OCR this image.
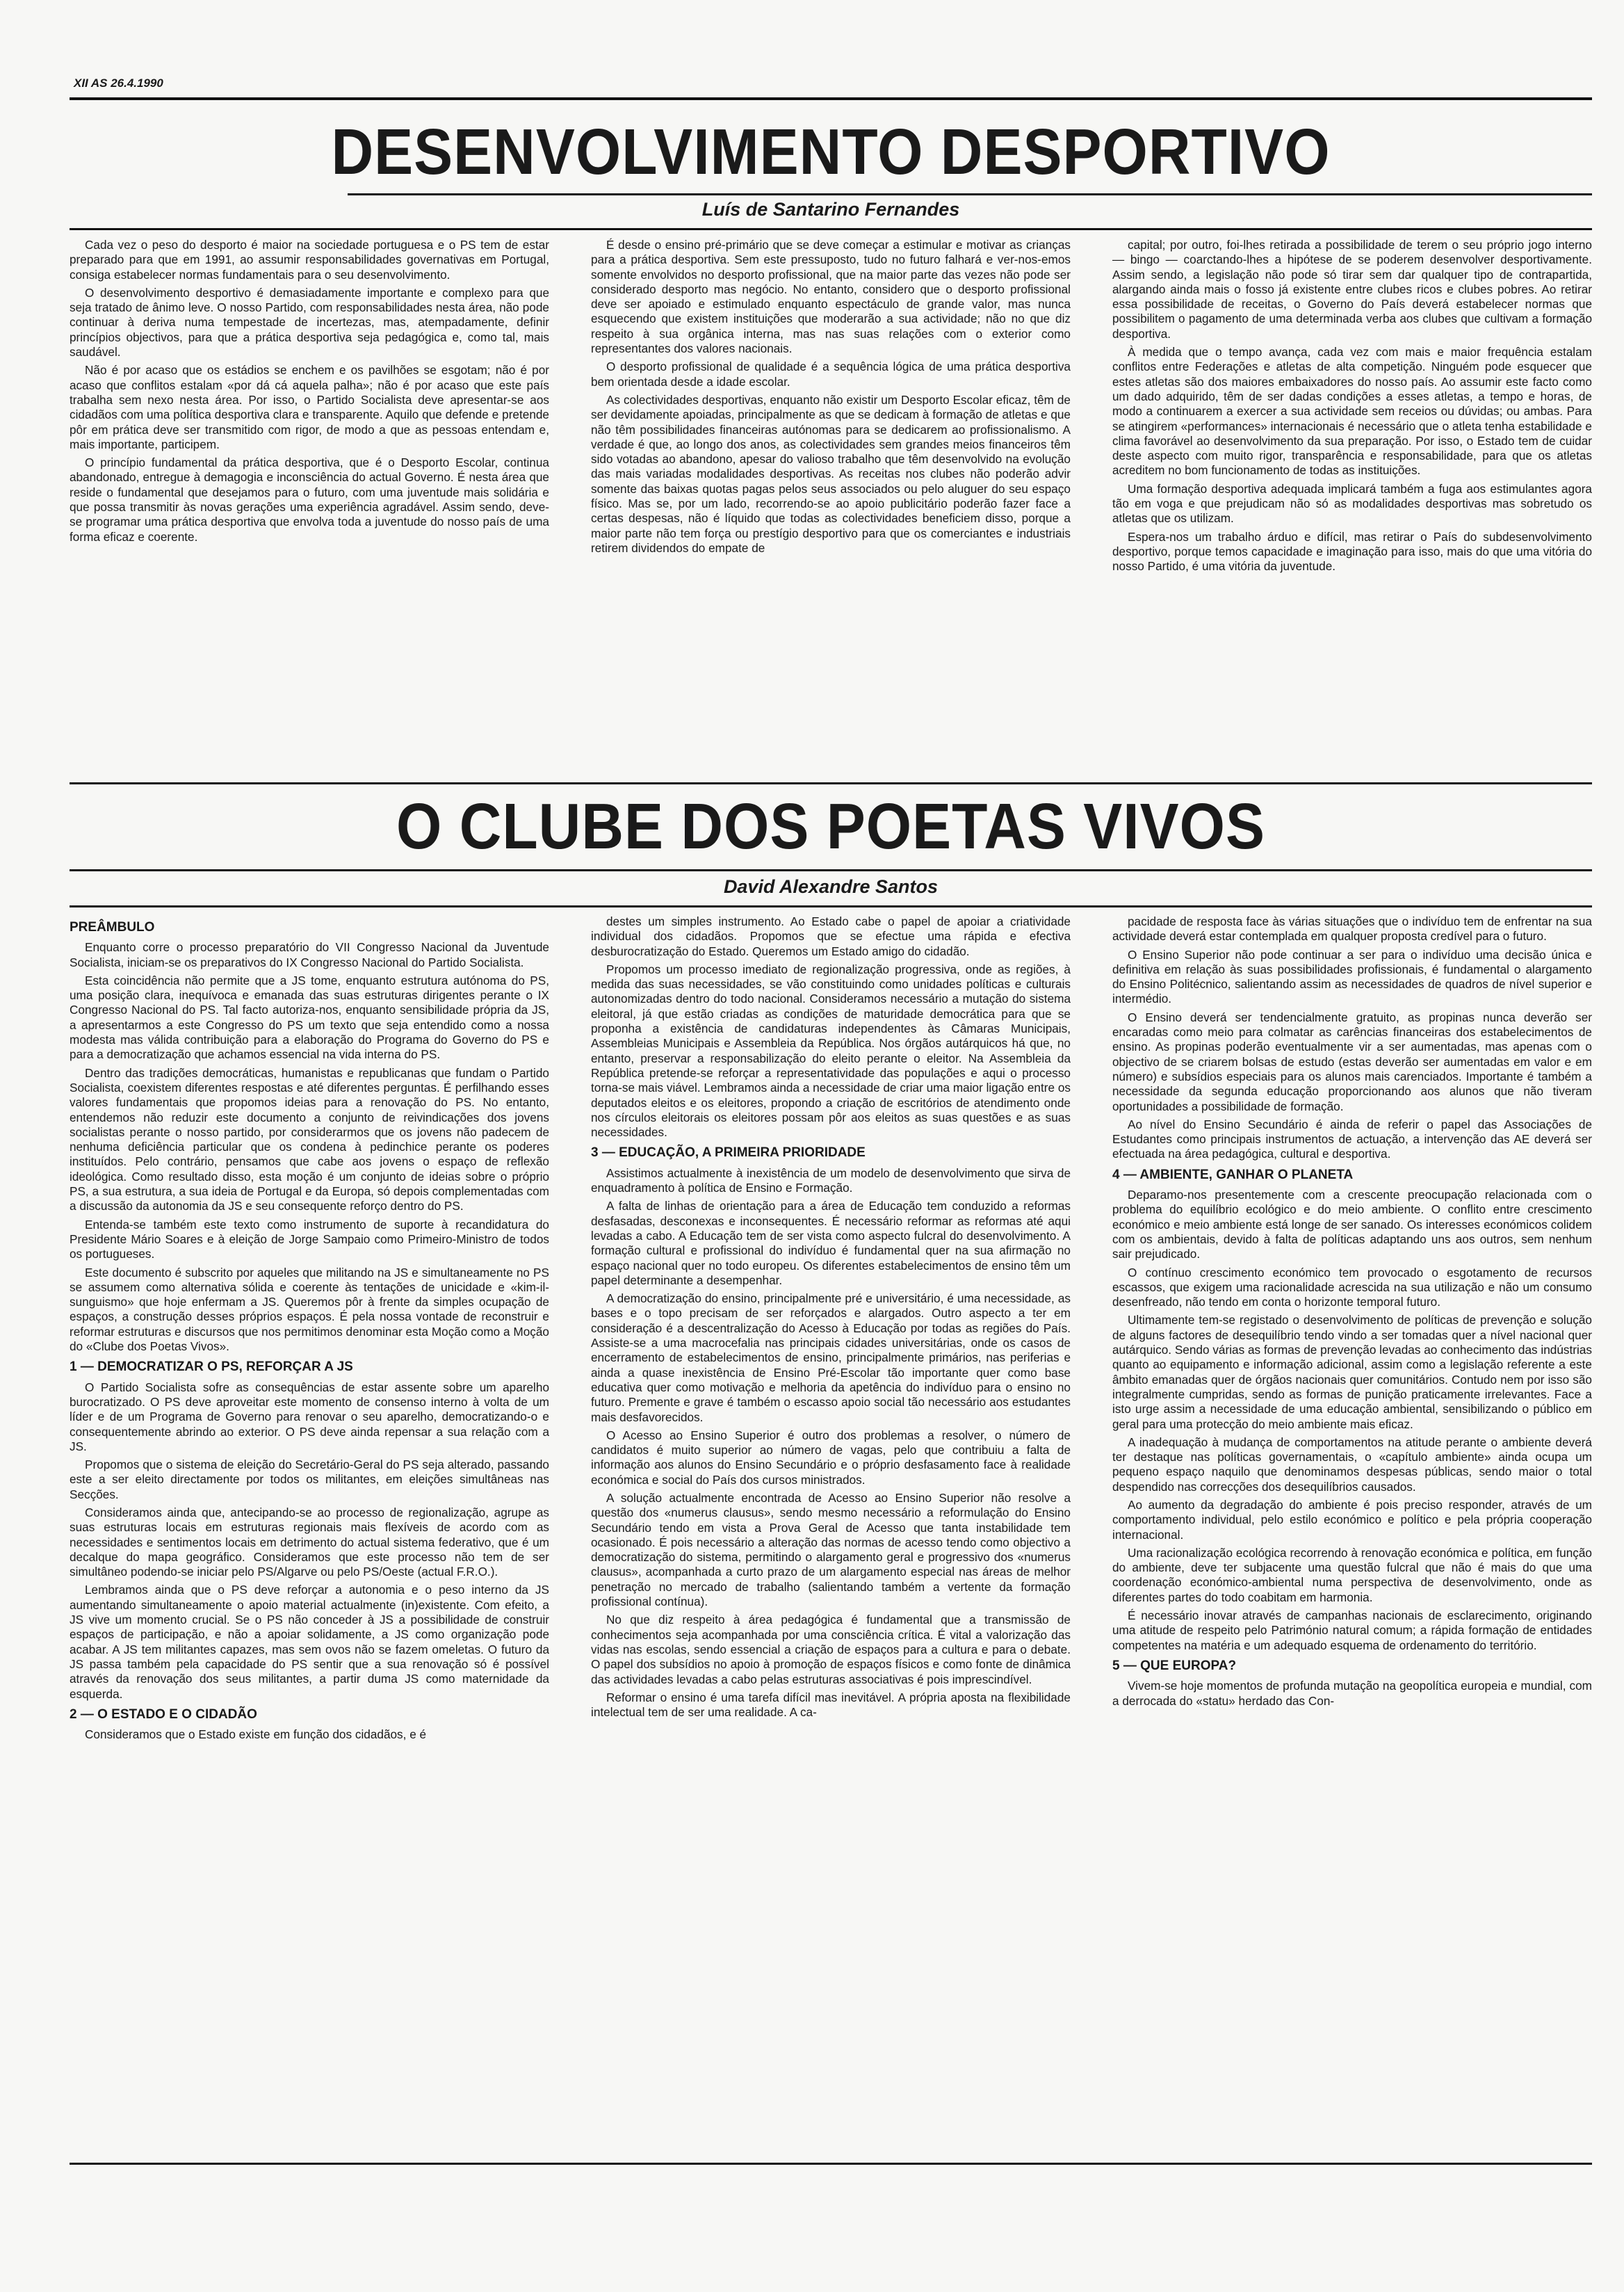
XII AS 26.4.1990
DESENVOLVIMENTO DESPORTIVO
Luís de Santarino Fernandes

Cada vez o peso do desporto é maior na sociedade portuguesa e o PS tem de estar preparado para que em 1991, ao assumir responsabilidades governativas em Portugal, consiga estabelecer normas fundamentais para o seu desenvolvimento.

O desenvolvimento desportivo é demasiadamente importante e complexo para que seja tratado de ânimo leve. O nosso Partido, com responsabilidades nesta área, não pode continuar à deriva numa tempestade de incertezas, mas, atempadamente, definir princípios objectivos, para que a prática desportiva seja pedagógica e, como tal, mais saudável.

Não é por acaso que os estádios se enchem e os pavilhões se esgotam; não é por acaso que conflitos estalam «por dá cá aquela palha»; não é por acaso que este país trabalha sem nexo nesta área. Por isso, o Partido Socialista deve apresentar-se aos cidadãos com uma política desportiva clara e transparente. Aquilo que defende e pretende pôr em prática deve ser transmitido com rigor, de modo a que as pessoas entendam e, mais importante, participem.

O princípio fundamental da prática desportiva, que é o Desporto Escolar, continua abandonado, entregue à demagogia e inconsciência do actual Governo. É nesta área que reside o fundamental que desejamos para o futuro, com uma juventude mais solidária e que possa transmitir às novas gerações uma experiência agradável. Assim sendo, deve-se programar uma prática desportiva que envolva toda a juventude do nosso país de uma forma eficaz e coerente.

É desde o ensino pré-primário que se deve começar a estimular e motivar as crianças para a prática desportiva. Sem este pressuposto, tudo no futuro falhará e ver-nos-emos somente envolvidos no desporto profissional, que na maior parte das vezes não pode ser considerado desporto mas negócio. No entanto, considero que o desporto profissional deve ser apoiado e estimulado enquanto espectáculo de grande valor, mas nunca esquecendo que existem instituições que moderarão a sua actividade; não no que diz respeito à sua orgânica interna, mas nas suas relações com o exterior como representantes dos valores nacionais.

O desporto profissional de qualidade é a sequência lógica de uma prática desportiva bem orientada desde a idade escolar.

As colectividades desportivas, enquanto não existir um Desporto Escolar eficaz, têm de ser devidamente apoiadas, principalmente as que se dedicam à formação de atletas e que não têm possibilidades financeiras autónomas para se dedicarem ao profissionalismo. A verdade é que, ao longo dos anos, as colectividades sem grandes meios financeiros têm sido votadas ao abandono, apesar do valioso trabalho que têm desenvolvido na evolução das mais variadas modalidades desportivas. As receitas nos clubes não poderão advir somente das baixas quotas pagas pelos seus associados ou pelo aluguer do seu espaço físico. Mas se, por um lado, recorrendo-se ao apoio publicitário poderão fazer face a certas despesas, não é líquido que todas as colectividades beneficiem disso, porque a maior parte não tem força ou prestígio desportivo para que os comerciantes e industriais retirem dividendos do empate de

capital; por outro, foi-lhes retirada a possibilidade de terem o seu próprio jogo interno — bingo — coarctando-lhes a hipótese de se poderem desenvolver desportivamente. Assim sendo, a legislação não pode só tirar sem dar qualquer tipo de contrapartida, alargando ainda mais o fosso já existente entre clubes ricos e clubes pobres. Ao retirar essa possibilidade de receitas, o Governo do País deverá estabelecer normas que possibilitem o pagamento de uma determinada verba aos clubes que cultivam a formação desportiva.

À medida que o tempo avança, cada vez com mais e maior frequência estalam conflitos entre Federações e atletas de alta competição. Ninguém pode esquecer que estes atletas são dos maiores embaixadores do nosso país. Ao assumir este facto como um dado adquirido, têm de ser dadas condições a esses atletas, a tempo e horas, de modo a continuarem a exercer a sua actividade sem receios ou dúvidas; ou ambas. Para se atingirem «performances» internacionais é necessário que o atleta tenha estabilidade e clima favorável ao desenvolvimento da sua preparação. Por isso, o Estado tem de cuidar deste aspecto com muito rigor, transparência e responsabilidade, para que os atletas acreditem no bom funcionamento de todas as instituições.

Uma formação desportiva adequada implicará também a fuga aos estimulantes agora tão em voga e que prejudicam não só as modalidades desportivas mas sobretudo os atletas que os utilizam.

Espera-nos um trabalho árduo e difícil, mas retirar o País do subdesenvolvimento desportivo, porque temos capacidade e imaginação para isso, mais do que uma vitória do nosso Partido, é uma vitória da juventude.

O CLUBE DOS POETAS VIVOS
David Alexandre Santos
PREÂMBULO

Enquanto corre o processo preparatório do VII Congresso Nacional da Juventude Socialista, iniciam-se os preparativos do IX Congresso Nacional do Partido Socialista.

Esta coincidência não permite que a JS tome, enquanto estrutura autónoma do PS, uma posição clara, inequívoca e emanada das suas estruturas dirigentes perante o IX Congresso Nacional do PS. Tal facto autoriza-nos, enquanto sensibilidade própria da JS, a apresentarmos a este Congresso do PS um texto que seja entendido como a nossa modesta mas válida contribuição para a elaboração do Programa do Governo do PS e para a democratização que achamos essencial na vida interna do PS.

Dentro das tradições democráticas, humanistas e republicanas que fundam o Partido Socialista, coexistem diferentes respostas e até diferentes perguntas. É perfilhando esses valores fundamentais que propomos ideias para a renovação do PS. No entanto, entendemos não reduzir este documento a conjunto de reivindicações dos jovens socialistas perante o nosso partido, por considerarmos que os jovens não padecem de nenhuma deficiência particular que os condena à pedinchice perante os poderes instituídos. Pelo contrário, pensamos que cabe aos jovens o espaço de reflexão ideológica. Como resultado disso, esta moção é um conjunto de ideias sobre o próprio PS, a sua estrutura, a sua ideia de Portugal e da Europa, só depois complementadas com a discussão da autonomia da JS e seu consequente reforço dentro do PS.

Entenda-se também este texto como instrumento de suporte à recandidatura do Presidente Mário Soares e à eleição de Jorge Sampaio como Primeiro-Ministro de todos os portugueses.

Este documento é subscrito por aqueles que militando na JS e simultaneamente no PS se assumem como alternativa sólida e coerente às tentações de unicidade e «kim-il-sunguismo» que hoje enfermam a JS. Queremos pôr à frente da simples ocupação de espaços, a construção desses próprios espaços. É pela nossa vontade de reconstruir e reformar estruturas e discursos que nos permitimos denominar esta Moção como a Moção do «Clube dos Poetas Vivos».

1 — DEMOCRATIZAR O PS, REFORÇAR A JS

O Partido Socialista sofre as consequências de estar assente sobre um aparelho burocratizado. O PS deve aproveitar este momento de consenso interno à volta de um líder e de um Programa de Governo para renovar o seu aparelho, democratizando-o e consequentemente abrindo ao exterior. O PS deve ainda repensar a sua relação com a JS.

Propomos que o sistema de eleição do Secretário-Geral do PS seja alterado, passando este a ser eleito directamente por todos os militantes, em eleições simultâneas nas Secções.

Consideramos ainda que, antecipando-se ao processo de regionalização, agrupe as suas estruturas locais em estruturas regionais mais flexíveis de acordo com as necessidades e sentimentos locais em detrimento do actual sistema federativo, que é um decalque do mapa geográfico. Consideramos que este processo não tem de ser simultâneo podendo-se iniciar pelo PS/Algarve ou pelo PS/Oeste (actual F.R.O.).

Lembramos ainda que o PS deve reforçar a autonomia e o peso interno da JS aumentando simultaneamente o apoio material actualmente (in)existente. Com efeito, a JS vive um momento crucial. Se o PS não conceder à JS a possibilidade de construir espaços de participação, e não a apoiar solidamente, a JS como organização pode acabar. A JS tem militantes capazes, mas sem ovos não se fazem omeletas. O futuro da JS passa também pela capacidade do PS sentir que a sua renovação só é possível através da renovação dos seus militantes, a partir duma JS como maternidade da esquerda.

2 — O ESTADO E O CIDADÃO

Consideramos que o Estado existe em função dos cidadãos, e é

destes um simples instrumento. Ao Estado cabe o papel de apoiar a criatividade individual dos cidadãos. Propomos que se efectue uma rápida e efectiva desburocratização do Estado. Queremos um Estado amigo do cidadão.

Propomos um processo imediato de regionalização progressiva, onde as regiões, à medida das suas necessidades, se vão constituindo como unidades políticas e culturais autonomizadas dentro do todo nacional. Consideramos necessário a mutação do sistema eleitoral, já que estão criadas as condições de maturidade democrática para que se proponha a existência de candidaturas independentes às Câmaras Municipais, Assembleias Municipais e Assembleia da República. Nos órgãos autárquicos há que, no entanto, preservar a responsabilização do eleito perante o eleitor. Na Assembleia da República pretende-se reforçar a representatividade das populações e aqui o processo torna-se mais viável. Lembramos ainda a necessidade de criar uma maior ligação entre os deputados eleitos e os eleitores, propondo a criação de escritórios de atendimento onde nos círculos eleitorais os eleitores possam pôr aos eleitos as suas questões e as suas necessidades.

3 — EDUCAÇÃO, A PRIMEIRA PRIORIDADE

Assistimos actualmente à inexistência de um modelo de desenvolvimento que sirva de enquadramento à política de Ensino e Formação.

A falta de linhas de orientação para a área de Educação tem conduzido a reformas desfasadas, desconexas e inconsequentes. É necessário reformar as reformas até aqui levadas a cabo. A Educação tem de ser vista como aspecto fulcral do desenvolvimento. A formação cultural e profissional do indivíduo é fundamental quer na sua afirmação no espaço nacional quer no todo europeu. Os diferentes estabelecimentos de ensino têm um papel determinante a desempenhar.

A democratização do ensino, principalmente pré e universitário, é uma necessidade, as bases e o topo precisam de ser reforçados e alargados. Outro aspecto a ter em consideração é a descentralização do Acesso à Educação por todas as regiões do País. Assiste-se a uma macrocefalia nas principais cidades universitárias, onde os casos de encerramento de estabelecimentos de ensino, principalmente primários, nas periferias e ainda a quase inexistência de Ensino Pré-Escolar tão importante quer como base educativa quer como motivação e melhoria da apetência do indivíduo para o ensino no futuro. Premente e grave é também o escasso apoio social tão necessário aos estudantes mais desfavorecidos.

O Acesso ao Ensino Superior é outro dos problemas a resolver, o número de candidatos é muito superior ao número de vagas, pelo que contribuiu a falta de informação aos alunos do Ensino Secundário e o próprio desfasamento face à realidade económica e social do País dos cursos ministrados.

A solução actualmente encontrada de Acesso ao Ensino Superior não resolve a questão dos «numerus clausus», sendo mesmo necessário a reformulação do Ensino Secundário tendo em vista a Prova Geral de Acesso que tanta instabilidade tem ocasionado. É pois necessário a alteração das normas de acesso tendo como objectivo a democratização do sistema, permitindo o alargamento geral e progressivo dos «numerus clausus», acompanhada a curto prazo de um alargamento especial nas áreas de melhor penetração no mercado de trabalho (salientando também a vertente da formação profissional contínua).

No que diz respeito à área pedagógica é fundamental que a transmissão de conhecimentos seja acompanhada por uma consciência crítica. É vital a valorização das vidas nas escolas, sendo essencial a criação de espaços para a cultura e para o debate. O papel dos subsídios no apoio à promoção de espaços físicos e como fonte de dinâmica das actividades levadas a cabo pelas estruturas associativas é pois imprescindível.

Reformar o ensino é uma tarefa difícil mas inevitável. A própria aposta na flexibilidade intelectual tem de ser uma realidade. A ca-

pacidade de resposta face às várias situações que o indivíduo tem de enfrentar na sua actividade deverá estar contemplada em qualquer proposta credível para o futuro.

O Ensino Superior não pode continuar a ser para o indivíduo uma decisão única e definitiva em relação às suas possibilidades profissionais, é fundamental o alargamento do Ensino Politécnico, salientando assim as necessidades de quadros de nível superior e intermédio.

O Ensino deverá ser tendencialmente gratuito, as propinas nunca deverão ser encaradas como meio para colmatar as carências financeiras dos estabelecimentos de ensino. As propinas poderão eventualmente vir a ser aumentadas, mas apenas com o objectivo de se criarem bolsas de estudo (estas deverão ser aumentadas em valor e em número) e subsídios especiais para os alunos mais carenciados. Importante é também a necessidade da segunda educação proporcionando aos alunos que não tiveram oportunidades a possibilidade de formação.

Ao nível do Ensino Secundário é ainda de referir o papel das Associações de Estudantes como principais instrumentos de actuação, a intervenção das AE deverá ser efectuada na área pedagógica, cultural e desportiva.

4 — AMBIENTE, GANHAR O PLANETA

Deparamo-nos presentemente com a crescente preocupação relacionada com o problema do equilíbrio ecológico e do meio ambiente. O conflito entre crescimento económico e meio ambiente está longe de ser sanado. Os interesses económicos colidem com os ambientais, devido à falta de políticas adaptando uns aos outros, sem nenhum sair prejudicado.

O contínuo crescimento económico tem provocado o esgotamento de recursos escassos, que exigem uma racionalidade acrescida na sua utilização e não um consumo desenfreado, não tendo em conta o horizonte temporal futuro.

Ultimamente tem-se registado o desenvolvimento de políticas de prevenção e solução de alguns factores de desequilíbrio tendo vindo a ser tomadas quer a nível nacional quer autárquico. Sendo várias as formas de prevenção levadas ao conhecimento das indústrias quanto ao equipamento e informação adicional, assim como a legislação referente a este âmbito emanadas quer de órgãos nacionais quer comunitários. Contudo nem por isso são integralmente cumpridas, sendo as formas de punição praticamente irrelevantes. Face a isto urge assim a necessidade de uma educação ambiental, sensibilizando o público em geral para uma protecção do meio ambiente mais eficaz.

A inadequação à mudança de comportamentos na atitude perante o ambiente deverá ter destaque nas políticas governamentais, o «capítulo ambiente» ainda ocupa um pequeno espaço naquilo que denominamos despesas públicas, sendo maior o total despendido nas correcções dos desequilíbrios causados.

Ao aumento da degradação do ambiente é pois preciso responder, através de um comportamento individual, pelo estilo económico e político e pela própria cooperação internacional.

Uma racionalização ecológica recorrendo à renovação económica e política, em função do ambiente, deve ter subjacente uma questão fulcral que não é mais do que uma coordenação económico-ambiental numa perspectiva de desenvolvimento, onde as diferentes partes do todo coabitam em harmonia.

É necessário inovar através de campanhas nacionais de esclarecimento, originando uma atitude de respeito pelo Património natural comum; a rápida formação de entidades competentes na matéria e um adequado esquema de ordenamento do território.

5 — QUE EUROPA?

Vivem-se hoje momentos de profunda mutação na geopolítica europeia e mundial, com a derrocada do «statu» herdado das Con-
